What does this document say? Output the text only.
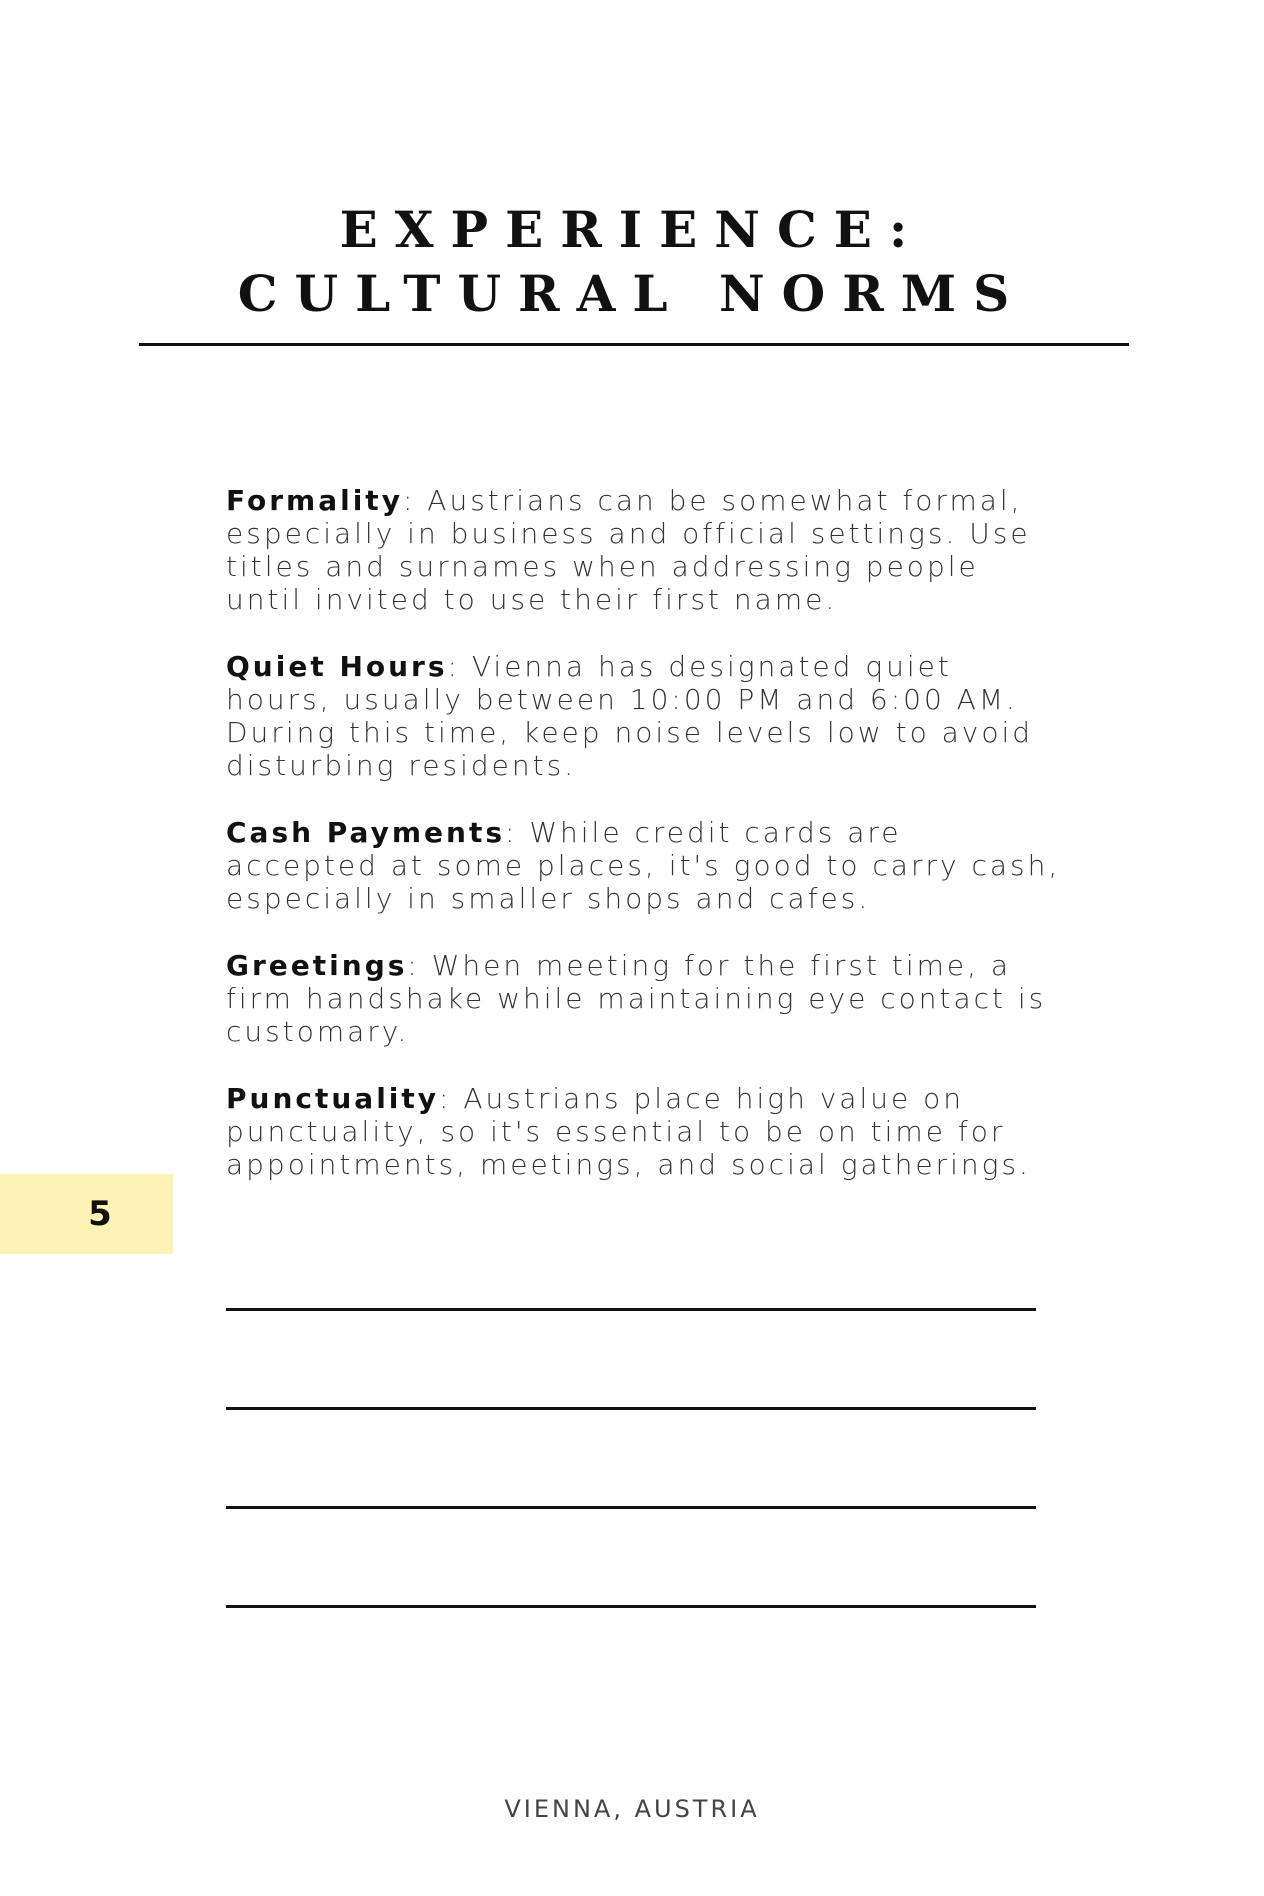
EXPERIENCE: CULTURAL NORMS

Formality: Austrians can be somewhat formal, especially in business and official settings. Use titles and surnames when addressing people until invited to use their first name.

Quiet Hours: Vienna has designated quiet hours, usually between 10:00 PM and 6:00 AM. During this time, keep noise levels low to avoid disturbing residents.

Cash Payments: While credit cards are accepted at some places, it's good to carry cash, especially in smaller shops and cafes.

Greetings: When meeting for the first time, a firm handshake while maintaining eye contact is customary.

Punctuality: Austrians place high value on punctuality, so it's essential to be on time for appointments, meetings, and social gatherings.

5
VIENNA, AUSTRIA
